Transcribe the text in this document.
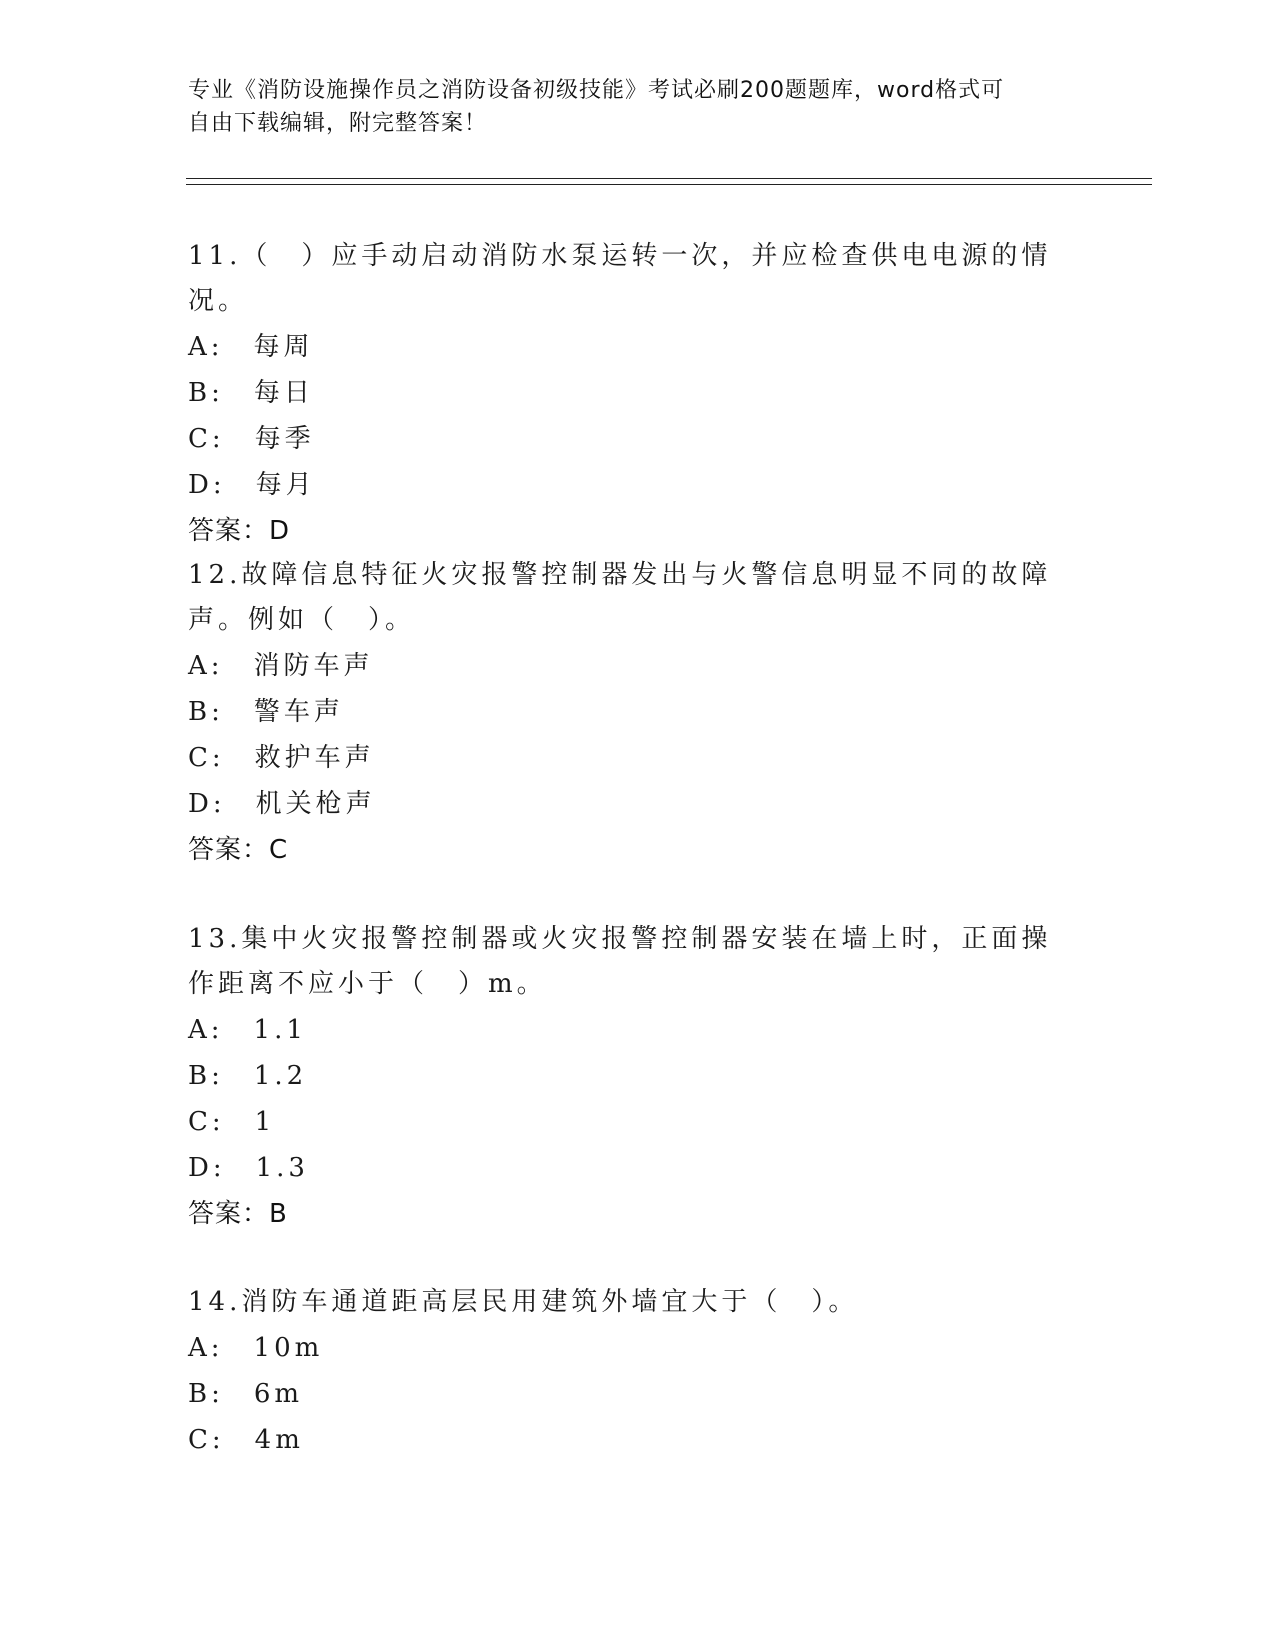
专业《消防设施操作员之消防设备初级技能》考试必刷200题题库，word格式可
自由下载编辑，附完整答案！
11.（　）应手动启动消防水泵运转一次，并应检查供电电源的情况。
A:　每周
B:　每日
C:　每季
D:　每月
答案：D
12.故障信息特征火灾报警控制器发出与火警信息明显不同的故障声。例如（　）。
A:　消防车声
B:　警车声
C:　救护车声
D:　机关枪声
答案：C
13.集中火灾报警控制器或火灾报警控制器安装在墙上时，正面操作距离不应小于（　）m。
A:　1.1
B:　1.2
C:　1
D:　1.3
答案：B
14.消防车通道距高层民用建筑外墙宜大于（　）。
A:　10m
B:　6m
C:　4m
